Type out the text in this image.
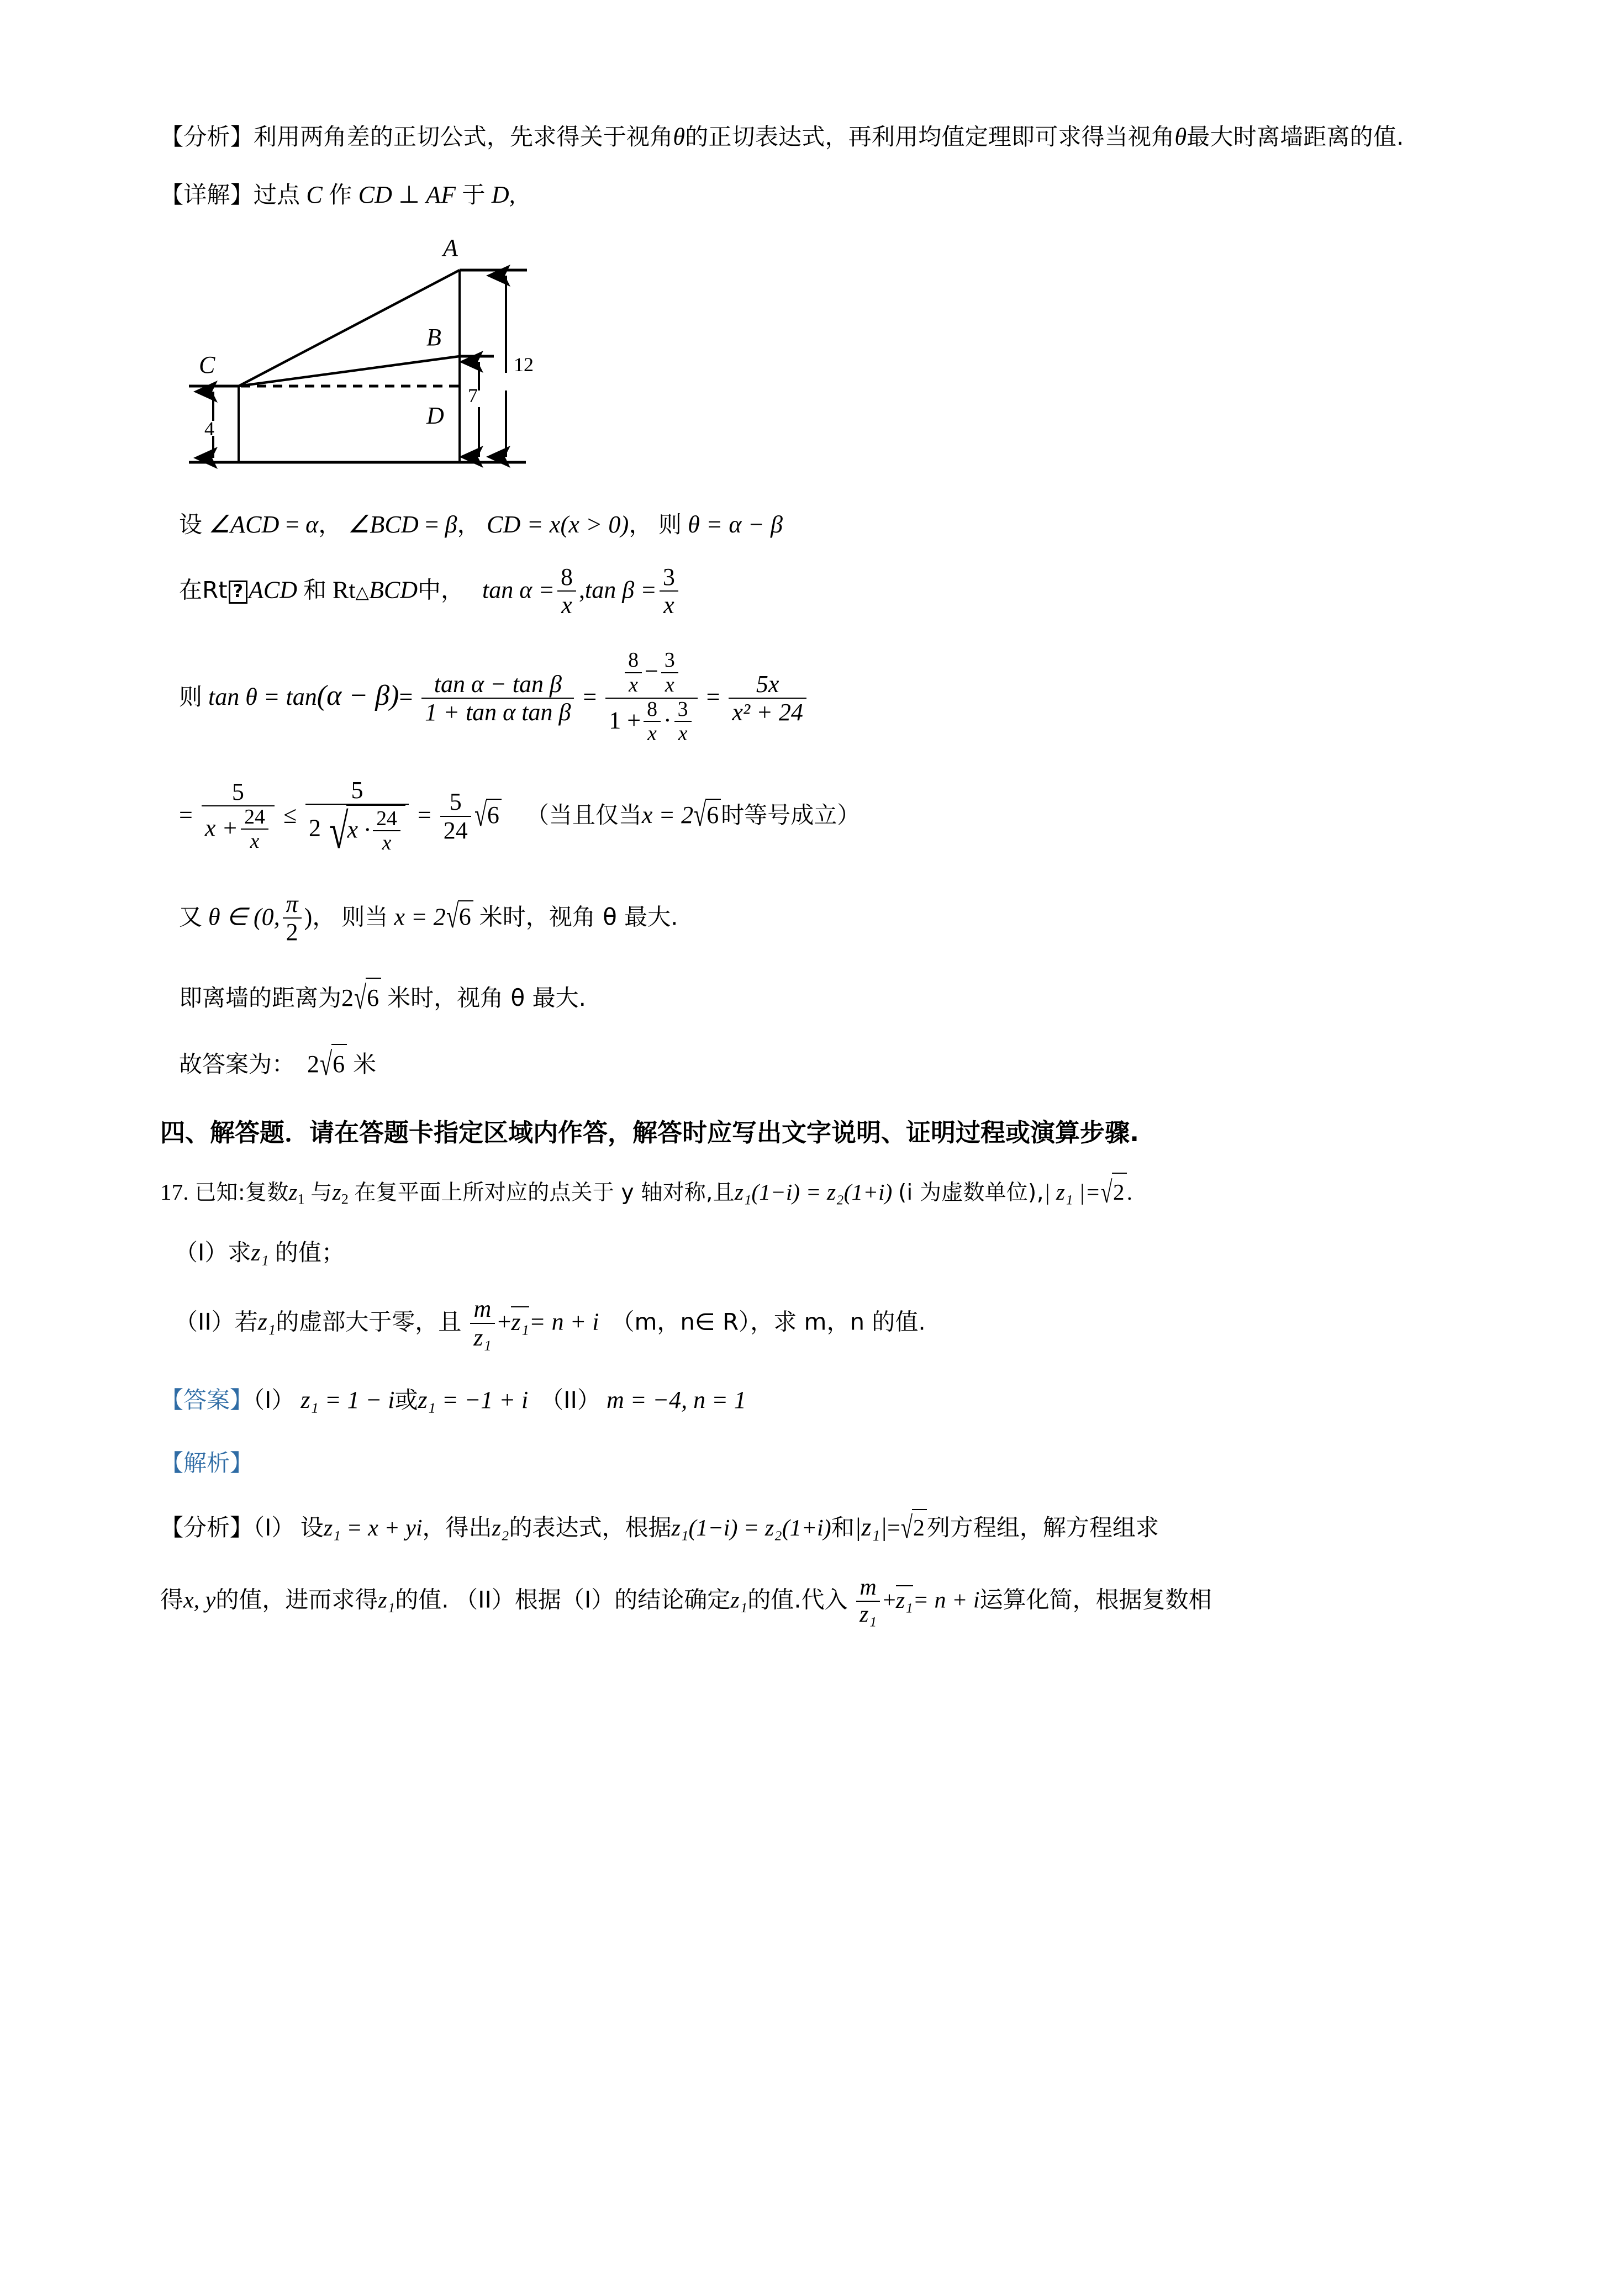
【分析】利用两角差的正切公式，先求得关于视角θ的正切表达式，再利用均值定理即可求得当视角θ最大时离墙距离的值.

【详解】过点 C 作 CD ⊥ AF 于 D,

A
B
C
D
12
7
4

设 ∠ACD = α， ∠BCD = β， CD = x(x > 0)， 则 θ = α − β

在Rt ? ACD 和 Rt△BCD中， $\tan \alpha = \frac{8}{x} ,\tan$ $\beta = \frac{3}{x}$

则 $\tan \theta = \tan(\alpha - \beta)= \frac{\text{tan α − tan β}}{\text{1 + tan α tan β}} = \frac{\frac{8}{x} - \frac{3}{x}}{1 + \frac{8}{x} \cdot \frac{3}{x}} = \frac{5x}{\text{x² + 24}}$

= $\frac{5}{x + \frac{24}{x}} \le \frac{5}{2 √x \cdot \frac{24}{x}} = \frac{5}{24} √6$ （当且仅当x = 2√6时等号成立）

又 θ ∈ (0, $\frac{\pi}{2}$ )， 则当 x = 2√6 米时，视角 θ 最大.

即离墙的距离为2√6 米时，视角 θ 最大.

故答案为： 2√6 米

四、解答题．请在答题卡指定区域内作答，解答时应写出文字说明、证明过程或演算步骤.

17. 已知:复数$z_1$ 与$z_2$ 在复平面上所对应的点关于 y 轴对称,且z₁(1−i) = z₂(1+i) (i 为虚数单位),| z₁ |=√2.

（I）求z₁ 的值；

（II）若z₁的虚部大于零，且 $\frac{m}{\text{z₁}} +z_1= n + i$ （m，n∈ R），求 m，n 的值.

【答案】（I） z₁ = 1 − i或z₁ = −1 + i （II） m = −4, n = 1

【解析】

【分析】（I） 设z₁ = x + yi，得出z₂的表达式，根据z₁(1−i) = z₂(1+i)和|z₁|=√2列方程组，解方程组求

得x, y的值，进而求得z₁的值. （II）根据（I）的结论确定z₁的值.代入 $\frac{m}{\text{z₁}} +z_1= n + i$运算化简，根据复数相
